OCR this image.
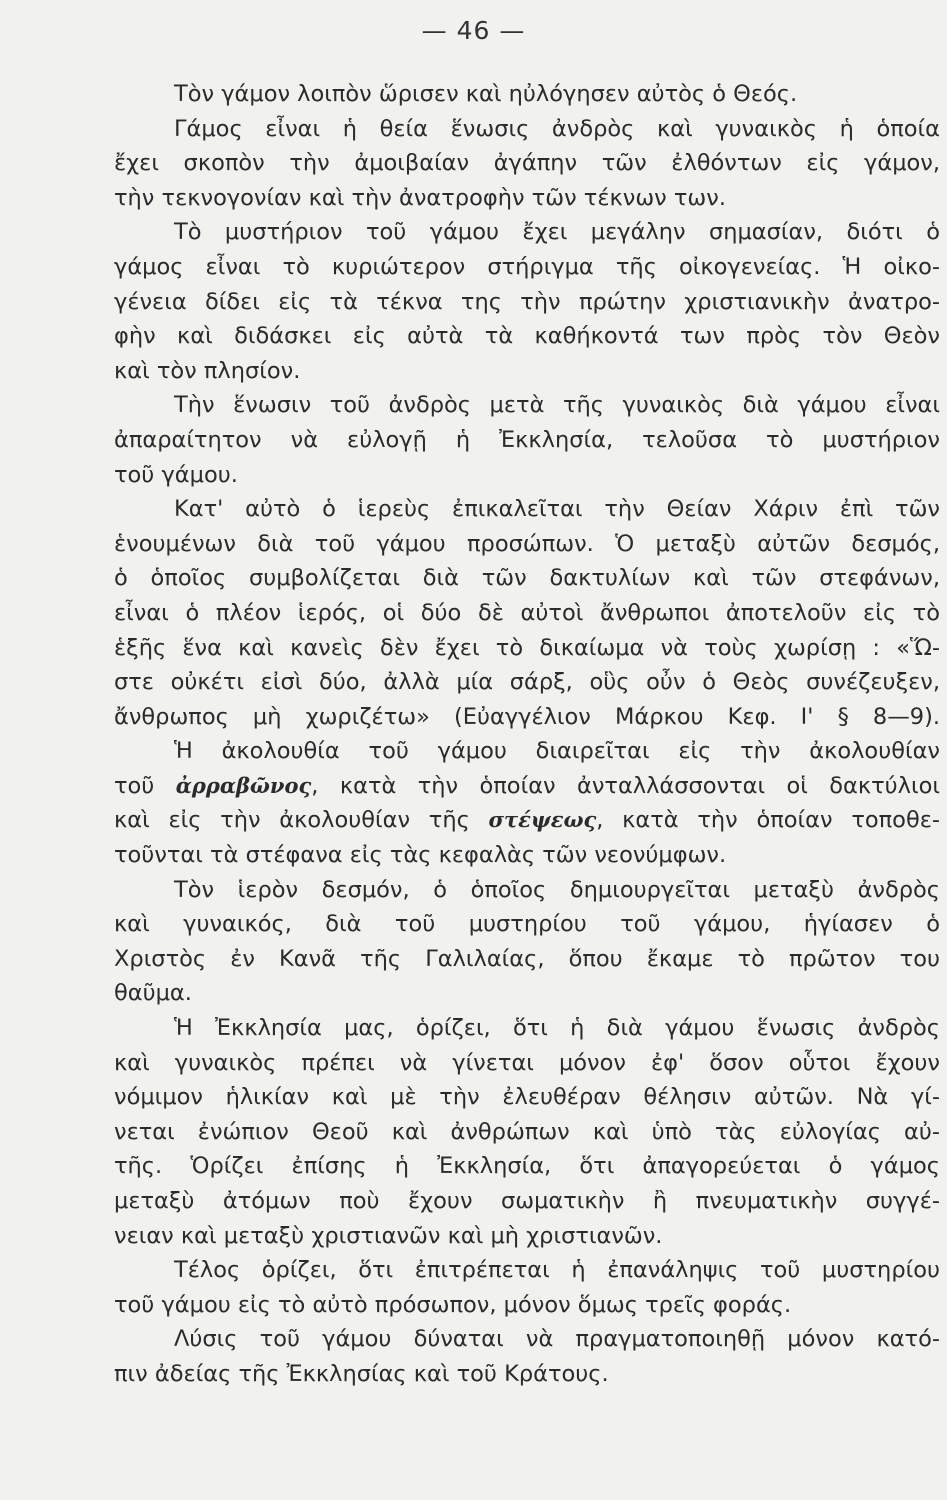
— 46 —
Τὸν γάμον λοιπὸν ὥρισεν καὶ ηὐλόγησεν αὐτὸς ὁ Θεός.
Γάμος εἶναι ἡ θεία ἕνωσις ἀνδρὸς καὶ γυναικὸς ἡ ὁποία
ἔχει σκοπὸν τὴν ἀμοιβαίαν ἀγάπην τῶν ἐλθόντων εἰς γάμον,
τὴν τεκνογονίαν καὶ τὴν ἀνατροφὴν τῶν τέκνων των.
Τὸ μυστήριον τοῦ γάμου ἔχει μεγάλην σημασίαν, διότι ὁ
γάμος εἶναι τὸ κυριώτερον στήριγμα τῆς οἰκογενείας. Ἡ οἰκο-
γένεια δίδει εἰς τὰ τέκνα της τὴν πρώτην χριστιανικὴν ἀνατρο-
φὴν καὶ διδάσκει εἰς αὐτὰ τὰ καθήκοντά των πρὸς τὸν Θεὸν
καὶ τὸν πλησίον.
Τὴν ἕνωσιν τοῦ ἀνδρὸς μετὰ τῆς γυναικὸς διὰ γάμου εἶναι
ἀπαραίτητον νὰ εὐλογῇ ἡ Ἐκκλησία, τελοῦσα τὸ μυστήριον
τοῦ γάμου.
Κατ' αὐτὸ ὁ ἱερεὺς ἐπικαλεῖται τὴν Θείαν Χάριν ἐπὶ τῶν
ἑνουμένων διὰ τοῦ γάμου προσώπων. Ὁ μεταξὺ αὐτῶν δεσμός,
ὁ ὁποῖος συμβολίζεται διὰ τῶν δακτυλίων καὶ τῶν στεφάνων,
εἶναι ὁ πλέον ἱερός, οἱ δύο δὲ αὐτοὶ ἄνθρωποι ἀποτελοῦν εἰς τὸ
ἑξῆς ἕνα καὶ κανεὶς δὲν ἔχει τὸ δικαίωμα νὰ τοὺς χωρίσῃ : «Ὥ-
στε οὐκέτι εἰσὶ δύο, ἀλλὰ μία σάρξ, οὓς οὖν ὁ Θεὸς συνέζευξεν,
ἄνθρωπος μὴ χωριζέτω» (Εὐαγγέλιον Μάρκου Κεφ. Ι' § 8—9).
Ἡ ἀκολουθία τοῦ γάμου διαιρεῖται εἰς τὴν ἀκολουθίαν
τοῦ ἀρραβῶνος, κατὰ τὴν ὁποίαν ἀνταλλάσσονται οἱ δακτύλιοι
καὶ εἰς τὴν ἀκολουθίαν τῆς στέψεως, κατὰ τὴν ὁποίαν τοποθε-
τοῦνται τὰ στέφανα εἰς τὰς κεφαλὰς τῶν νεονύμφων.
Τὸν ἱερὸν δεσμόν, ὁ ὁποῖος δημιουργεῖται μεταξὺ ἀνδρὸς
καὶ γυναικός, διὰ τοῦ μυστηρίου τοῦ γάμου, ἡγίασεν ὁ
Χριστὸς ἐν Κανᾶ τῆς Γαλιλαίας, ὅπου ἔκαμε τὸ πρῶτον του
θαῦμα.
Ἡ Ἐκκλησία μας, ὁρίζει, ὅτι ἡ διὰ γάμου ἕνωσις ἀνδρὸς
καὶ γυναικὸς πρέπει νὰ γίνεται μόνον ἐφ' ὅσον οὗτοι ἔχουν
νόμιμον ἡλικίαν καὶ μὲ τὴν ἐλευθέραν θέλησιν αὐτῶν. Νὰ γί-
νεται ἐνώπιον Θεοῦ καὶ ἀνθρώπων καὶ ὑπὸ τὰς εὐλογίας αὐ-
τῆς. Ὁρίζει ἐπίσης ἡ Ἐκκλησία, ὅτι ἀπαγορεύεται ὁ γάμος
μεταξὺ ἀτόμων ποὺ ἔχουν σωματικὴν ἢ πνευματικὴν συγγέ-
νειαν καὶ μεταξὺ χριστιανῶν καὶ μὴ χριστιανῶν.
Τέλος ὁρίζει, ὅτι ἐπιτρέπεται ἡ ἐπανάληψις τοῦ μυστηρίου
τοῦ γάμου εἰς τὸ αὐτὸ πρόσωπον, μόνον ὅμως τρεῖς φοράς.
Λύσις τοῦ γάμου δύναται νὰ πραγματοποιηθῇ μόνον κατό-
πιν ἀδείας τῆς Ἐκκλησίας καὶ τοῦ Κράτους.
